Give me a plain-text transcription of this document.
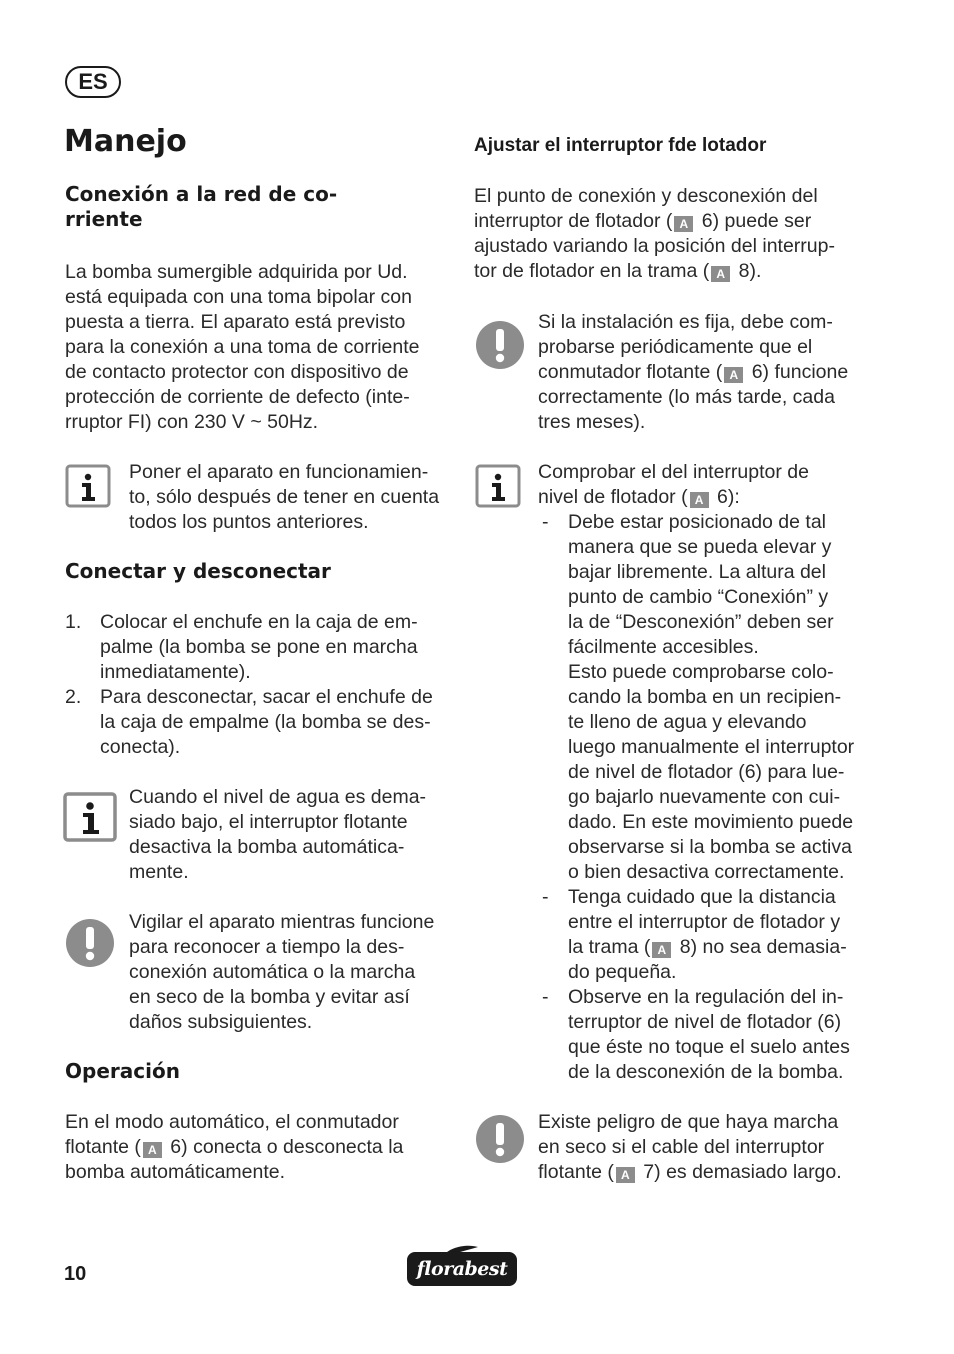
ES
Manejo
Conexión a la red de co-
rriente

La bomba sumergible adquirida por Ud.
está equipada con una toma bipolar con
puesta a tierra. El aparato está previsto
para la conexión a una toma de corriente
de contacto protector con dispositivo de
protección de corriente de defecto (inte-
rruptor FI) con 230 V ~ 50Hz.

Poner el aparato en funcionamien-
to, sólo después de tener en cuenta
todos los puntos anteriores.

Conectar y desconectar

1. Colocar el enchufe en la caja de em-
palme (la bomba se pone en marcha
inmediatamente).

2. Para desconectar, sacar el enchufe de
la caja de empalme (la bomba se des-
conecta).

Cuando el nivel de agua es dema-
siado bajo, el interruptor flotante
desactiva la bomba automática-
mente.

Vigilar el aparato mientras funcione
para reconocer a tiempo la des-
conexión automática o la marcha
en seco de la bomba y evitar así
daños subsiguientes.

Operación

En el modo automático, el conmutador
flotante ( A 6) conecta o desconecta la
bomba automáticamente.

Ajustar el interruptor fde lotador

El punto de conexión y desconexión del
interruptor de flotador ( A 6) puede ser
ajustado variando la posición del interrup-
tor de flotador en la trama ( A 8).

Si la instalación es fija, debe com-
probarse periódicamente que el
conmutador flotante ( A 6) funcione
correctamente (lo más tarde, cada
tres meses).

Comprobar el del interruptor de
nivel de flotador ( A 6):

- Debe estar posicionado de tal
manera que se pueda elevar y
bajar libremente. La altura del
punto de cambio “Conexión” y
la de “Desconexión” deben ser
fácilmente accesibles.
Esto puede comprobarse colo-
cando la bomba en un recipien-
te lleno de agua y elevando
luego manualmente el interruptor
de nivel de flotador (6) para lue-
go bajarlo nuevamente con cui-
dado. En este movimiento puede
observarse si la bomba se activa
o bien desactiva correctamente.

- Tenga cuidado que la distancia
entre el interruptor de flotador y
la trama ( A 8) no sea demasia-
do pequeña.

- Observe en la regulación del in-
terruptor de nivel de flotador (6)
que éste no toque el suelo antes
de la desconexión de la bomba.

Existe peligro de que haya marcha
en seco si el cable del interruptor
flotante ( A 7) es demasiado largo.

10	florabest
